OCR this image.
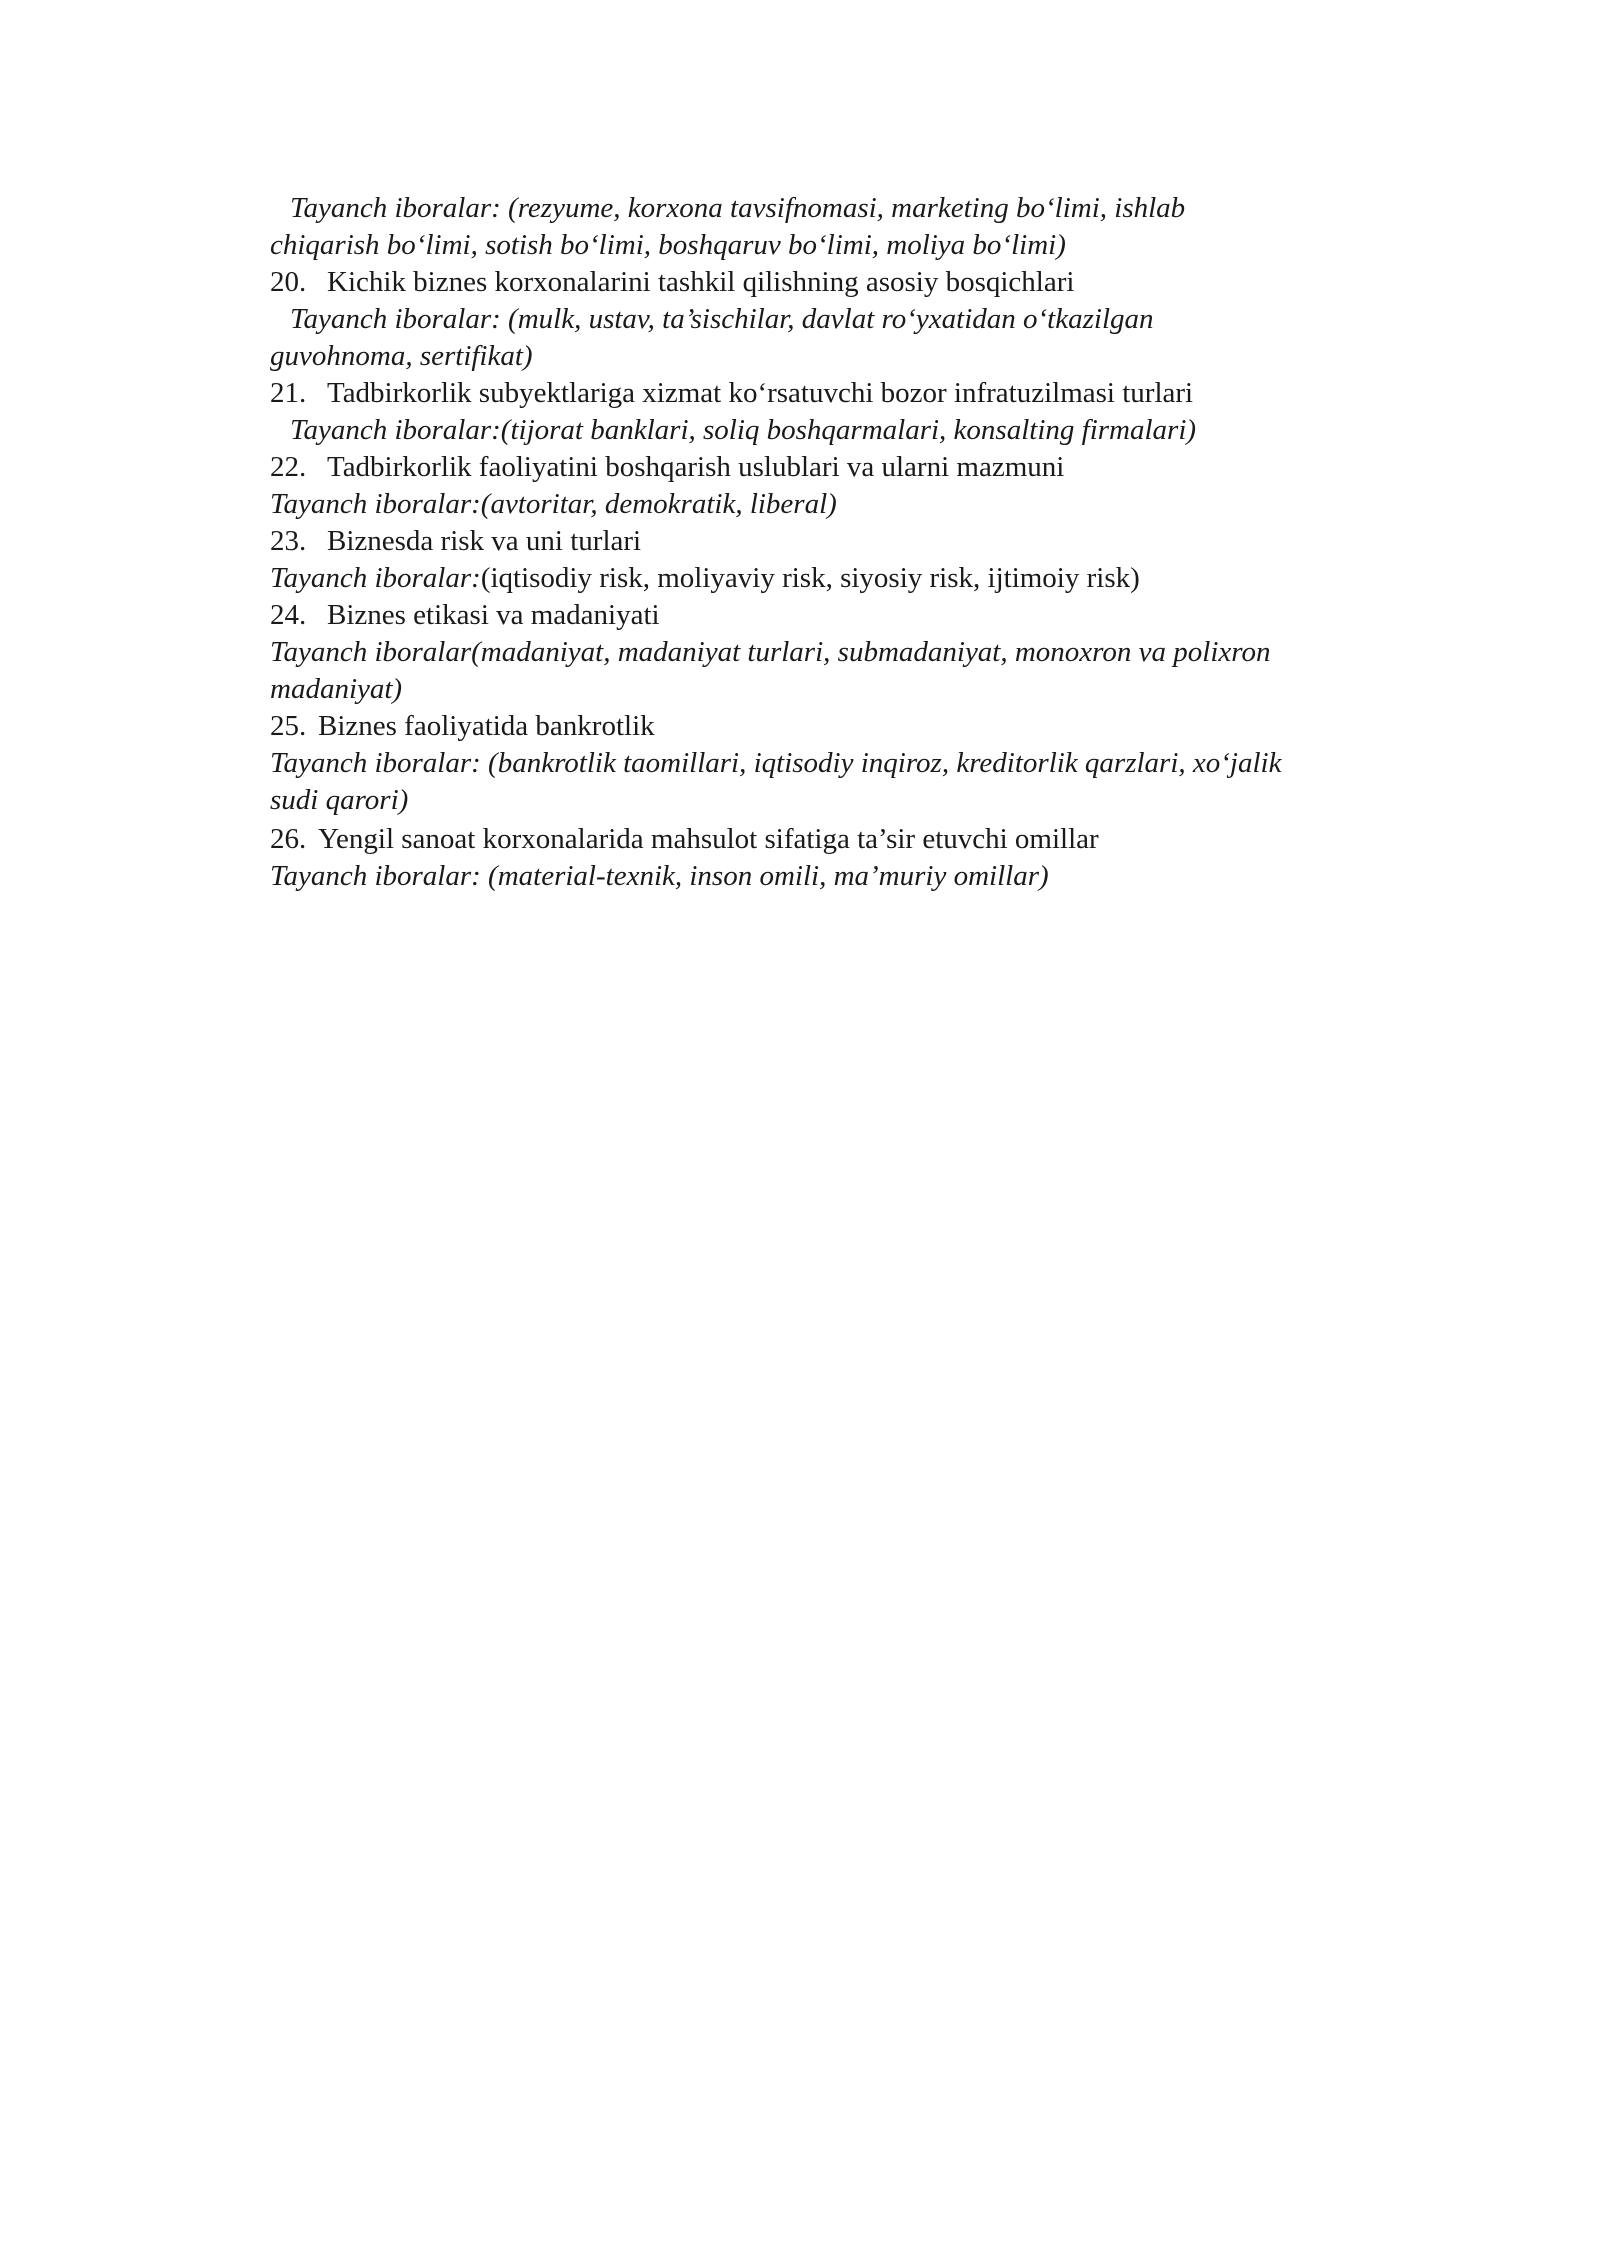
Tayanch iboralar: (rezyume, korxona tavsifnomasi, marketing bo‘limi, ishlab

chiqarish bo‘limi, sotish bo‘limi, boshqaruv bo‘limi, moliya bo‘limi)

20. Kichik biznes korxonalarini tashkil qilishning asosiy bosqichlari

Tayanch iboralar: (mulk, ustav, ta’sischilar, davlat ro‘yxatidan o‘tkazilgan

guvohnoma, sertifikat)

21. Tadbirkorlik subyektlariga xizmat ko‘rsatuvchi bozor infratuzilmasi turlari

Tayanch iboralar:(tijorat banklari, soliq boshqarmalari, konsalting firmalari)

22. Tadbirkorlik faoliyatini boshqarish uslublari va ularni mazmuni

Tayanch iboralar:(avtoritar, demokratik, liberal)

23. Biznesda risk va uni turlari

Tayanch iboralar:(iqtisodiy risk, moliyaviy risk, siyosiy risk, ijtimoiy risk)

24. Biznes etikasi va madaniyati

Tayanch iboralar(madaniyat, madaniyat turlari, submadaniyat, monoxron va polixron

madaniyat)

25. Biznes faoliyatida bankrotlik

Tayanch iboralar: (bankrotlik taomillari, iqtisodiy inqiroz, kreditorlik qarzlari, xo‘jalik

sudi qarori)

26. Yengil sanoat korxonalarida mahsulot sifatiga ta’sir etuvchi omillar

Tayanch iboralar: (material-texnik, inson omili, ma’muriy omillar)
